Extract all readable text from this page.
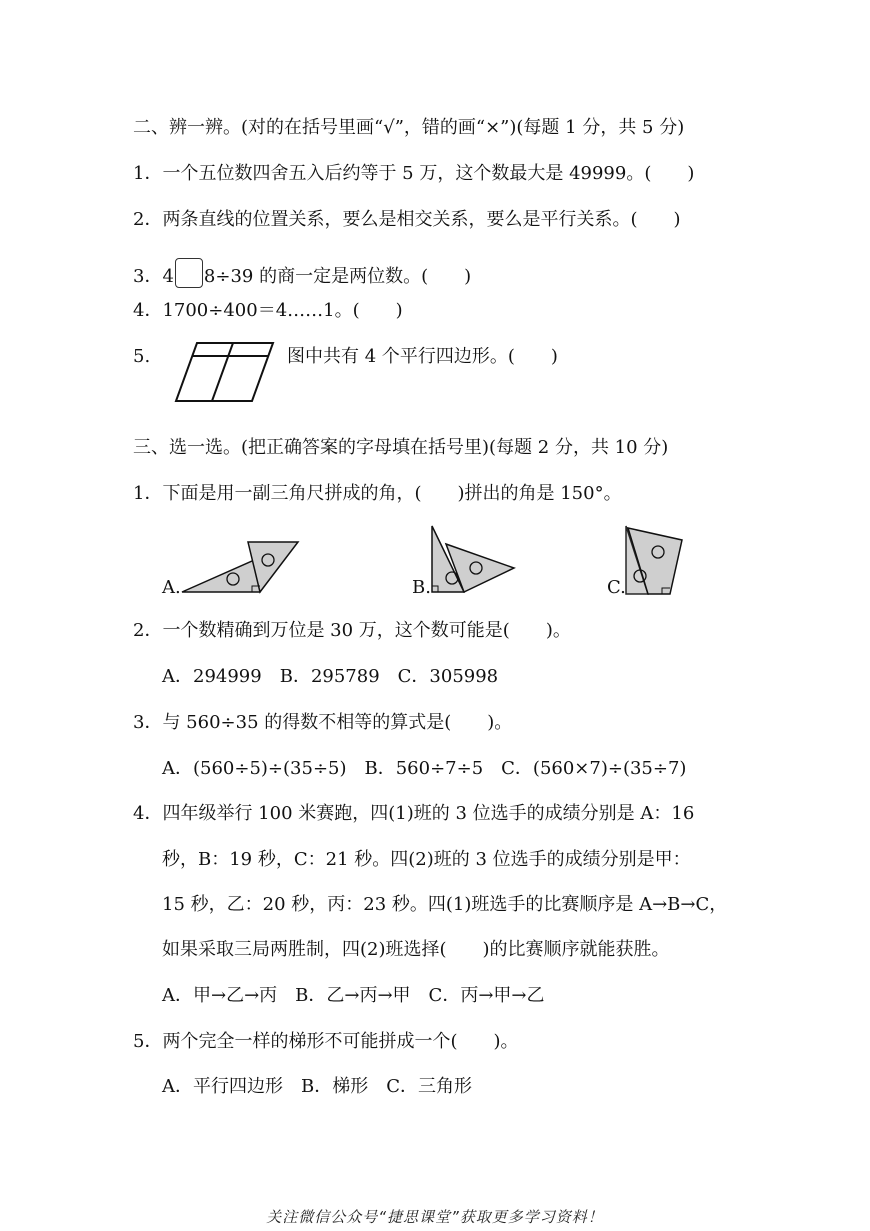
二、辨一辨。(对的在括号里画“√”，错的画“×”)(每题 1 分，共 5 分)
1．一个五位数四舍五入后约等于 5 万，这个数最大是 49999。(　　)
2．两条直线的位置关系，要么是相交关系，要么是平行关系。(　　)
3．4 8÷39 的商一定是两位数。(　　)
4．1700÷400＝4……1。(　　)
5.	图中共有 4 个平行四边形。(　　)
三、选一选。(把正确答案的字母填在括号里)(每题 2 分，共 10 分)
1．下面是用一副三角尺拼成的角，(　　)拼出的角是 150°。
A.	B.	C.
2．一个数精确到万位是 30 万，这个数可能是(　　)。
A．294999　B．295789　C．305998
3．与 560÷35 的得数不相等的算式是(　　)。
A．(560÷5)÷(35÷5)　B．560÷7÷5　C．(560×7)÷(35÷7)
4．四年级举行 100 米赛跑，四(1)班的 3 位选手的成绩分别是 A：16
秒，B：19 秒，C：21 秒。四(2)班的 3 位选手的成绩分别是甲：
15 秒，乙：20 秒，丙：23 秒。四(1)班选手的比赛顺序是 A→B→C，
如果采取三局两胜制，四(2)班选择(　　)的比赛顺序就能获胜。
A．甲→乙→丙　B．乙→丙→甲　C．丙→甲→乙
5．两个完全一样的梯形不可能拼成一个(　　)。
A．平行四边形　B．梯形　C．三角形
关注微信公众号“捷思课堂”获取更多学习资料！
